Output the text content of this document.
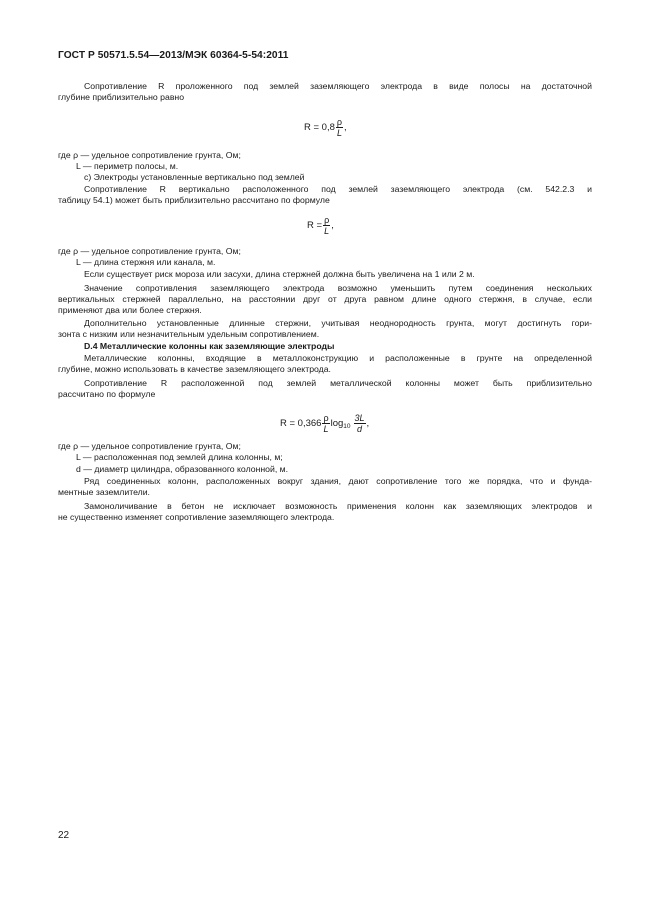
ГОСТ Р 50571.5.54—2013/МЭК 60364-5-54:2011
Сопротивление R проложенного под землей заземляющего электрода в виде полосы на достаточной
глубине приблизительно равно
$R = 0,8 \frac{\rho}{L}$ ,
где ρ — удельное сопротивление грунта, Ом;
L — периметр полосы, м.
с) Электроды установленные вертикально под землей
Сопротивление R вертикально расположенного под землей заземляющего электрода (см. 542.2.3 и
таблицу 54.1) может быть приблизительно рассчитано по формуле
$R = \frac{\rho}{L}$ ,
где ρ — удельное сопротивление грунта, Ом;
L — длина стержня или канала, м.
Если существует риск мороза или засухи, длина стержней должна быть увеличена на 1 или 2 м.
Значение сопротивления заземляющего электрода возможно уменьшить путем соединения нескольких
вертикальных стержней параллельно, на расстоянии друг от друга равном длине одного стержня, в случае, если
применяют два или более стержня.
Дополнительно установленные длинные стержни, учитывая неоднородность грунта, могут достигнуть гори-
зонта с низким или незначительным удельным сопротивлением.
D.4 Металлические колонны как заземляющие электроды
Металлические колонны, входящие в металлоконструкцию и расположенные в грунте на определенной
глубине, можно использовать в качестве заземляющего электрода.
Сопротивление R расположенной под землей металлической колонны может быть приблизительно
рассчитано по формуле
$R = 0,366 \frac{\rho}{L} \log_{10} \frac{3L}{d}$ ,
где ρ — удельное сопротивление грунта, Ом;
L — расположенная под землей длина колонны, м;
d — диаметр цилиндра, образованного колонной, м.
Ряд соединенных колонн, расположенных вокруг здания, дают сопротивление того же порядка, что и фунда-
ментные заземлители.
Замоноличивание в бетон не исключает возможность применения колонн как заземляющих электродов и
не существенно изменяет сопротивление заземляющего электрода.
22
